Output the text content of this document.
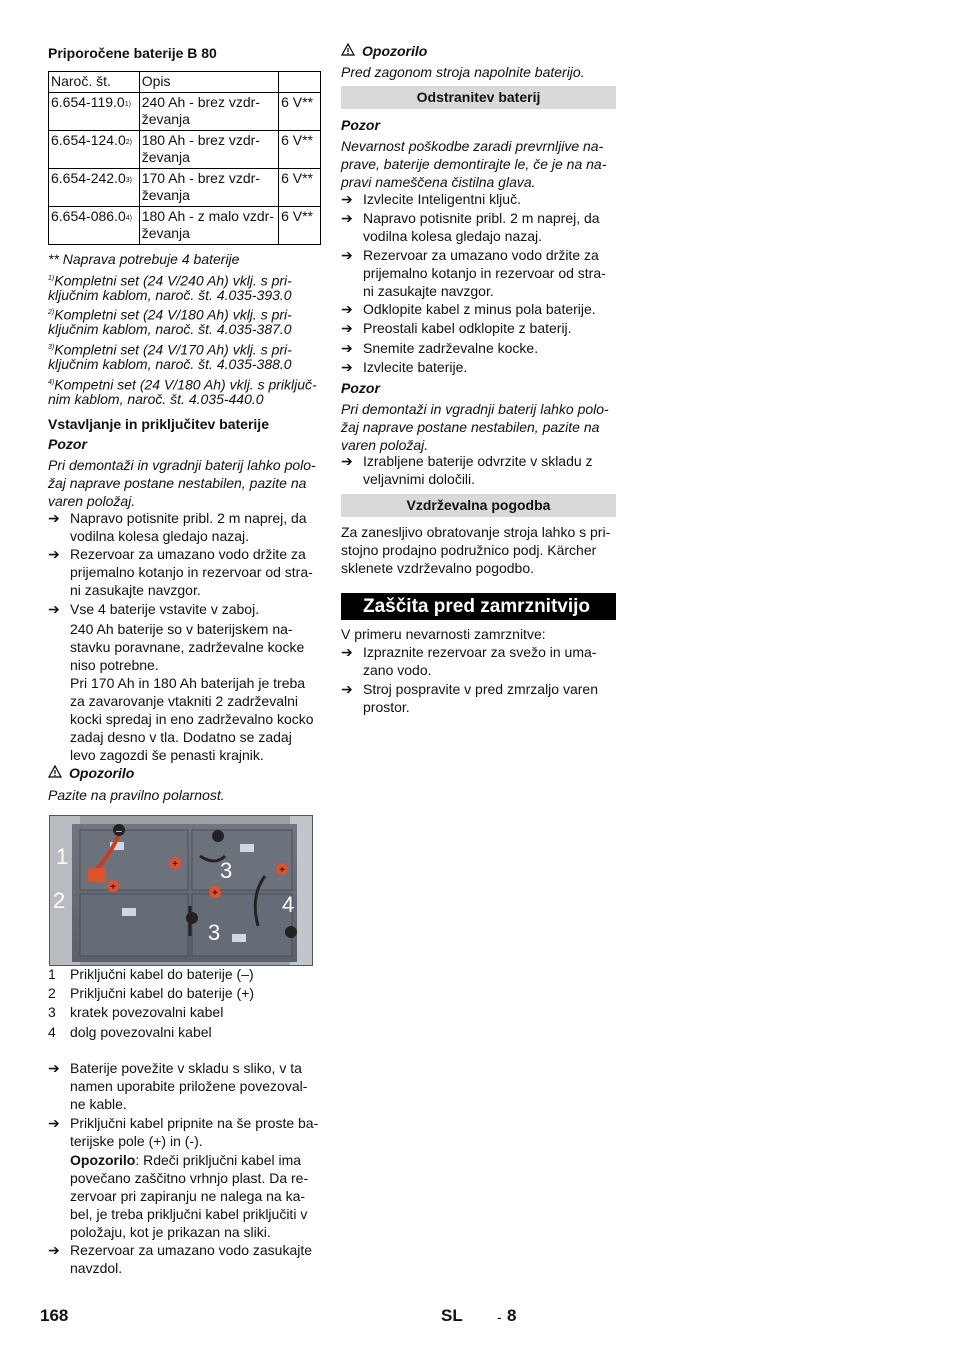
Priporočene baterije B 80
Naroč. št.	Opis	
6.654-119.0$^{1)}$	240 Ah - brez vzdr-
ževanja	6 V**
6.654-124.0$^{2)}$	180 Ah - brez vzdr-
ževanja	6 V**
6.654-242.0$^{3)}$	170 Ah - brez vzdr-
ževanja	6 V**
6.654-086.0$^{4)}$	180 Ah - z malo vzdr-
ževanja	6 V**
** Naprava potrebuje 4 baterije
$^{1)}$Kompletni set (24 V/240 Ah) vklj. s pri-
ključnim kablom, naroč. št. 4.035-393.0
$^{2)}$Kompletni set (24 V/180 Ah) vklj. s pri-
ključnim kablom, naroč. št. 4.035-387.0
$^{3)}$Kompletni set (24 V/170 Ah) vklj. s pri-
ključnim kablom, naroč. št. 4.035-388.0
$^{4)}$Kompetni set (24 V/180 Ah) vklj. s priključ-
nim kablom, naroč. št. 4.035-440.0
Vstavljanje in priključitev baterije
Pozor
Pri demontaži in vgradnji baterij lahko polo-žaj naprave postane nestabilen, pazite na varen položaj.
➔ Napravo potisnite pribl. 2 m naprej, da vodilna kolesa gledajo nazaj.
➔ Rezervoar za umazano vodo držite za prijemalno kotanjo in rezervoar od stra-ni zasukajte navzgor.
➔ Vse 4 baterije vstavite v zaboj.
240 Ah baterije so v baterijskem na-stavku poravnane, zadrževalne kocke niso potrebne.
Pri 170 Ah in 180 Ah baterijah je treba za zavarovanje vtakniti 2 zadrževalni kocki spredaj in eno zadrževalno kocko zadaj desno v tla. Dodatno se zadaj levo zagozdi še penasti krajnik.
Opozorilo
Pazite na pravilno polarnost.
–
+
+
+
+
1
2
3
3
4
1 Priključni kabel do baterije (–)
2 Priključni kabel do baterije (+)
3 kratek povezovalni kabel
4 dolg povezovalni kabel
➔ Baterije povežite v skladu s sliko, v ta namen uporabite priložene povezoval-ne kable.
➔ Priključni kabel pripnite na še proste ba-terijske pole (+) in (-).
Opozorilo: Rdeči priključni kabel ima povečano zaščitno vrhnjo plast. Da re-zervoar pri zapiranju ne nalega na ka-bel, je treba priključni kabel priključiti v položaju, kot je prikazan na sliki.
➔ Rezervoar za umazano vodo zasukajte navzdol.
Opozorilo
Pred zagonom stroja napolnite baterijo.
Odstranitev baterij
Pozor
Nevarnost poškodbe zaradi prevrnljive na-prave, baterije demontirajte le, če je na na-pravi nameščena čistilna glava.
➔ Izvlecite Inteligentni ključ.
➔ Napravo potisnite pribl. 2 m naprej, da vodilna kolesa gledajo nazaj.
➔ Rezervoar za umazano vodo držite za prijemalno kotanjo in rezervoar od stra-ni zasukajte navzgor.
➔ Odklopite kabel z minus pola baterije.
➔ Preostali kabel odklopite z baterij.
➔ Snemite zadrževalne kocke.
➔ Izvlecite baterije.
Pozor
Pri demontaži in vgradnji baterij lahko polo-žaj naprave postane nestabilen, pazite na varen položaj.
➔ Izrabljene baterije odvrzite v skladu z veljavnimi določili.
Vzdrževalna pogodba
Za zanesljivo obratovanje stroja lahko s pri-stojno prodajno podružnico podj. Kärcher sklenete vzdrževalno pogodbo.
Zaščita pred zamrznitvijo
V primeru nevarnosti zamrznitve:
➔ Izpraznite rezervoar za svežo in uma-zano vodo.
➔ Stroj pospravite v pred zmrzaljo varen prostor.
168	SL - 8
